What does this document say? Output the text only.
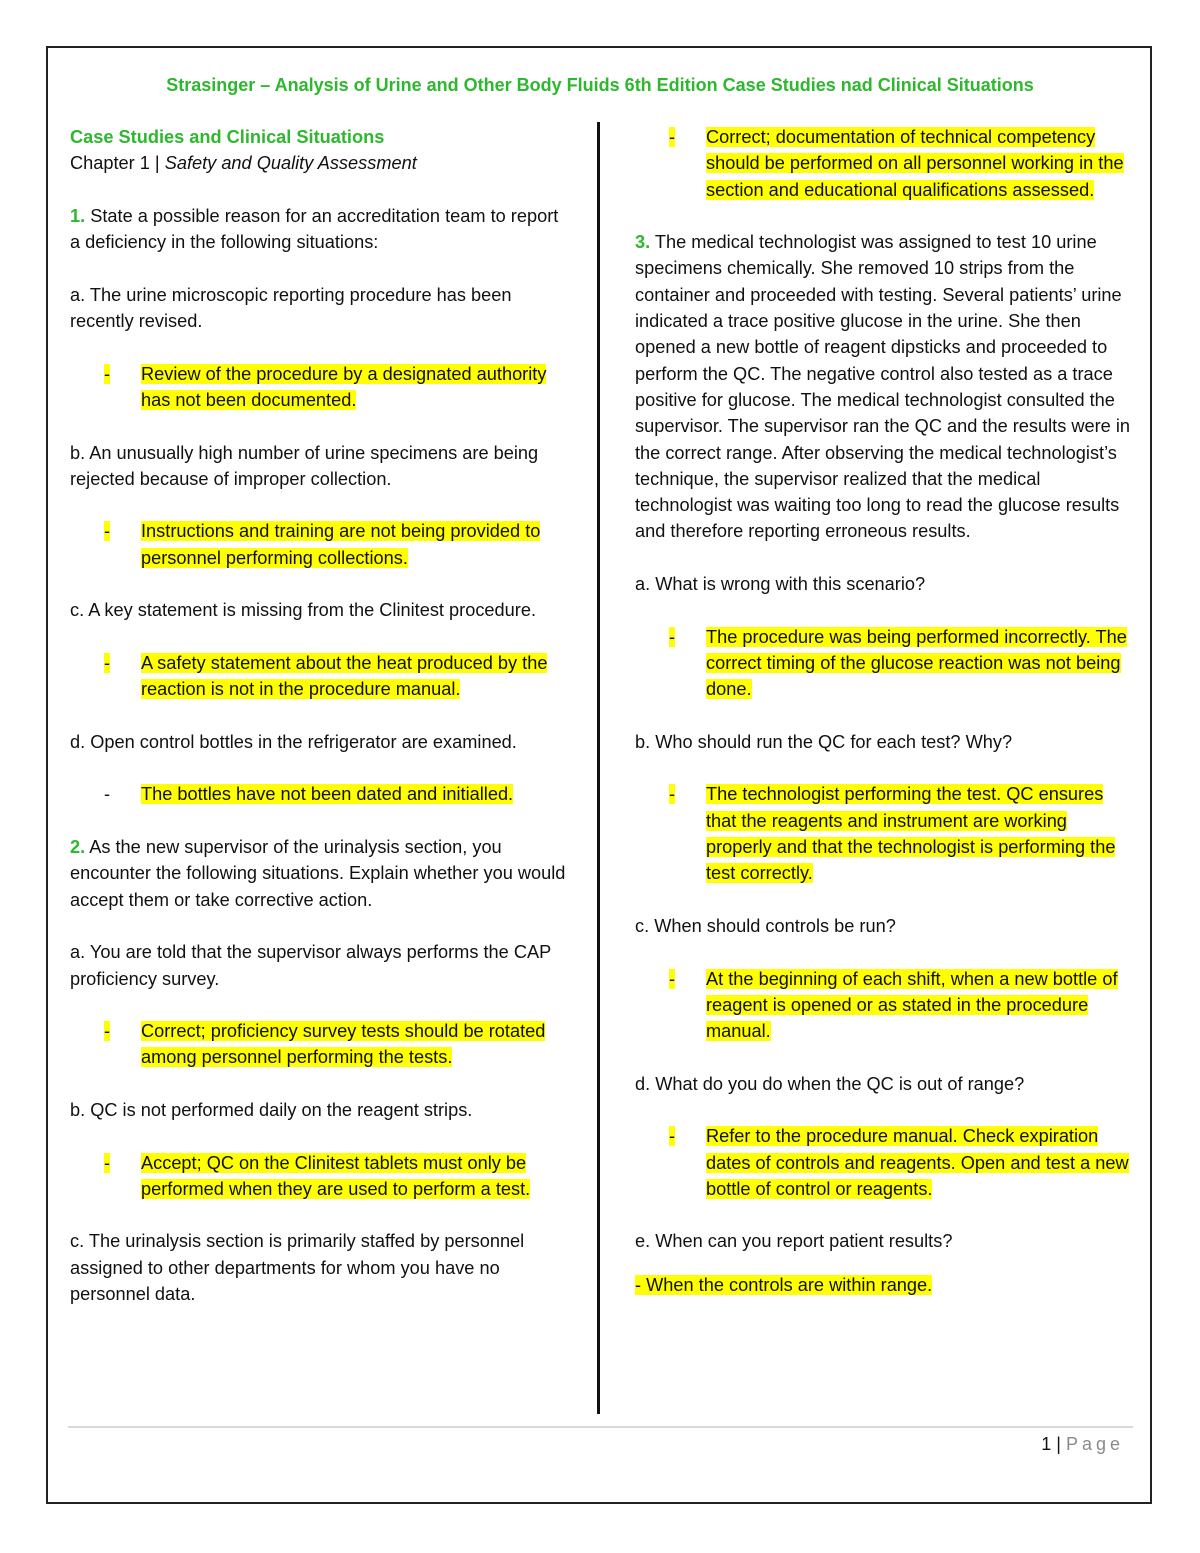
Strasinger – Analysis of Urine and Other Body Fluids 6th Edition Case Studies nad Clinical Situations
Case Studies and Clinical Situations
Chapter 1 | Safety and Quality Assessment
1. State a possible reason for an accreditation team to report a deficiency in the following situations:
a. The urine microscopic reporting procedure has been recently revised.
-	Review of the procedure by a designated authority has not been documented.
b. An unusually high number of urine specimens are being rejected because of improper collection.
-	Instructions and training are not being provided to personnel performing collections.
c. A key statement is missing from the Clinitest procedure.
-	A safety statement about the heat produced by the reaction is not in the procedure manual.
d. Open control bottles in the refrigerator are examined.
-	The bottles have not been dated and initialled.
2. As the new supervisor of the urinalysis section, you encounter the following situations. Explain whether you would accept them or take corrective action.
a. You are told that the supervisor always performs the CAP proficiency survey.
-	Correct; proficiency survey tests should be rotated among personnel performing the tests.
b. QC is not performed daily on the reagent strips.
-	Accept; QC on the Clinitest tablets must only be performed when they are used to perform a test.
c. The urinalysis section is primarily staffed by personnel assigned to other departments for whom you have no personnel data.
-	Correct; documentation of technical competency should be performed on all personnel working in the section and educational qualifications assessed.
3. The medical technologist was assigned to test 10 urine specimens chemically. She removed 10 strips from the container and proceeded with testing. Several patients’ urine indicated a trace positive glucose in the urine. She then opened a new bottle of reagent dipsticks and proceeded to perform the QC. The negative control also tested as a trace positive for glucose. The medical technologist consulted the supervisor. The supervisor ran the QC and the results were in the correct range. After observing the medical technologist’s technique, the supervisor realized that the medical technologist was waiting too long to read the glucose results and therefore reporting erroneous results.
a. What is wrong with this scenario?
-	The procedure was being performed incorrectly. The correct timing of the glucose reaction was not being done.
b. Who should run the QC for each test? Why?
-	The technologist performing the test. QC ensures that the reagents and instrument are working properly and that the technologist is performing the test correctly.
c. When should controls be run?
-	At the beginning of each shift, when a new bottle of reagent is opened or as stated in the procedure manual.
d. What do you do when the QC is out of range?
-	Refer to the procedure manual. Check expiration dates of controls and reagents. Open and test a new bottle of control or reagents.
e. When can you report patient results?
- When the controls are within range.
1 | Page
